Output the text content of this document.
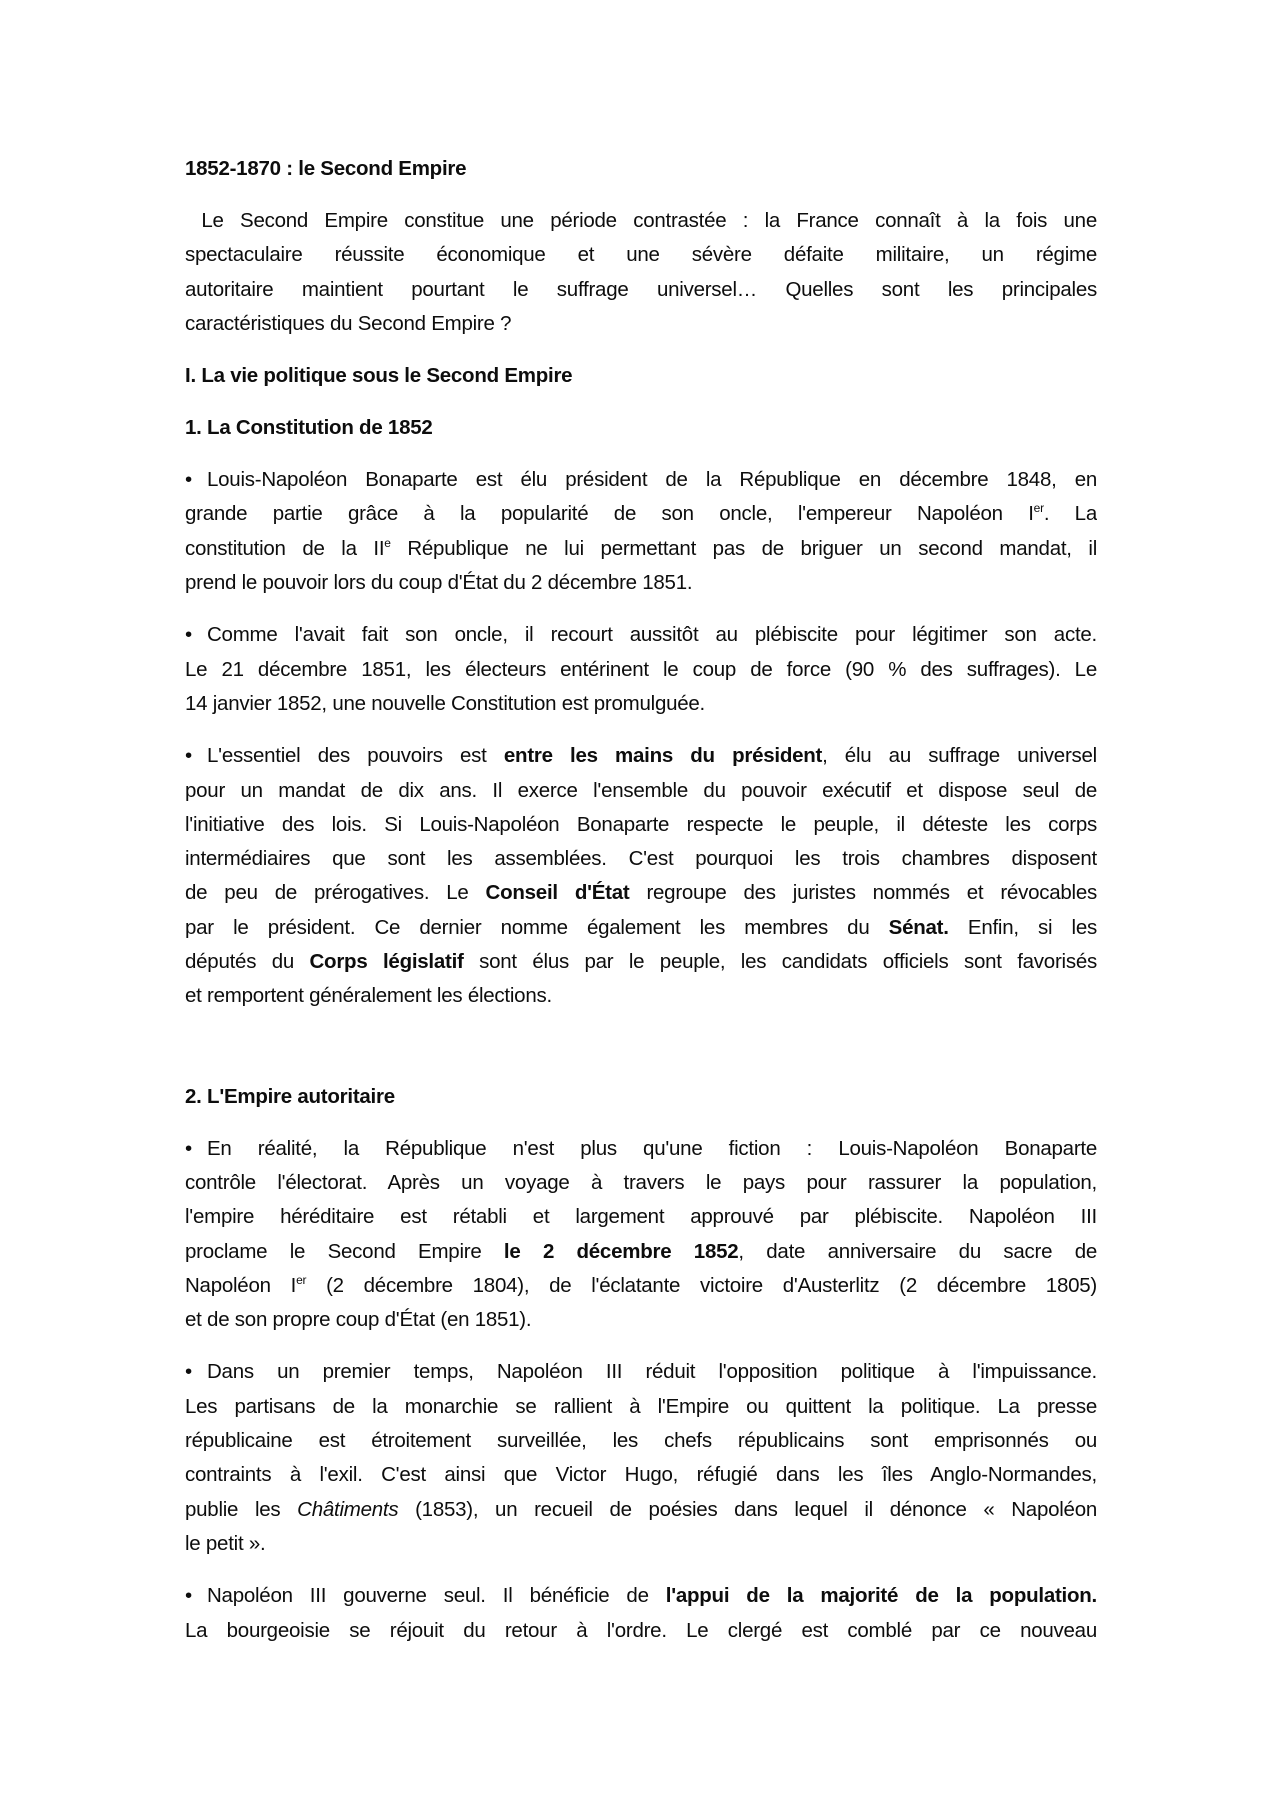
1852-1870 : le Second Empire
Le Second Empire constitue une période contrastée : la France connaît à la fois une
spectaculaire réussite économique et une sévère défaite militaire, un régime
autoritaire maintient pourtant le suffrage universel… Quelles sont les principales
caractéristiques du Second Empire ?
I. La vie politique sous le Second Empire
1. La Constitution de 1852
• Louis-Napoléon Bonaparte est élu président de la République en décembre 1848, en
grande partie grâce à la popularité de son oncle, l'empereur Napoléon Ier. La
constitution de la IIe République ne lui permettant pas de briguer un second mandat, il
prend le pouvoir lors du coup d'État du 2 décembre 1851.
• Comme l'avait fait son oncle, il recourt aussitôt au plébiscite pour légitimer son acte.
Le 21 décembre 1851, les électeurs entérinent le coup de force (90 % des suffrages). Le
14 janvier 1852, une nouvelle Constitution est promulguée.
• L'essentiel des pouvoirs est entre les mains du président, élu au suffrage universel
pour un mandat de dix ans. Il exerce l'ensemble du pouvoir exécutif et dispose seul de
l'initiative des lois. Si Louis-Napoléon Bonaparte respecte le peuple, il déteste les corps
intermédiaires que sont les assemblées. C'est pourquoi les trois chambres disposent
de peu de prérogatives. Le Conseil d'État regroupe des juristes nommés et révocables
par le président. Ce dernier nomme également les membres du Sénat. Enfin, si les
députés du Corps législatif sont élus par le peuple, les candidats officiels sont favorisés
et remportent généralement les élections.
2. L'Empire autoritaire
• En réalité, la République n'est plus qu'une fiction : Louis-Napoléon Bonaparte
contrôle l'électorat. Après un voyage à travers le pays pour rassurer la population,
l'empire héréditaire est rétabli et largement approuvé par plébiscite. Napoléon III
proclame le Second Empire le 2 décembre 1852, date anniversaire du sacre de
Napoléon Ier (2 décembre 1804), de l'éclatante victoire d'Austerlitz (2 décembre 1805)
et de son propre coup d'État (en 1851).
• Dans un premier temps, Napoléon III réduit l'opposition politique à l'impuissance.
Les partisans de la monarchie se rallient à l'Empire ou quittent la politique. La presse
républicaine est étroitement surveillée, les chefs républicains sont emprisonnés ou
contraints à l'exil. C'est ainsi que Victor Hugo, réfugié dans les îles Anglo-Normandes,
publie les Châtiments (1853), un recueil de poésies dans lequel il dénonce « Napoléon
le petit ».
• Napoléon III gouverne seul. Il bénéficie de l'appui de la majorité de la population.
La bourgeoisie se réjouit du retour à l'ordre. Le clergé est comblé par ce nouveau
